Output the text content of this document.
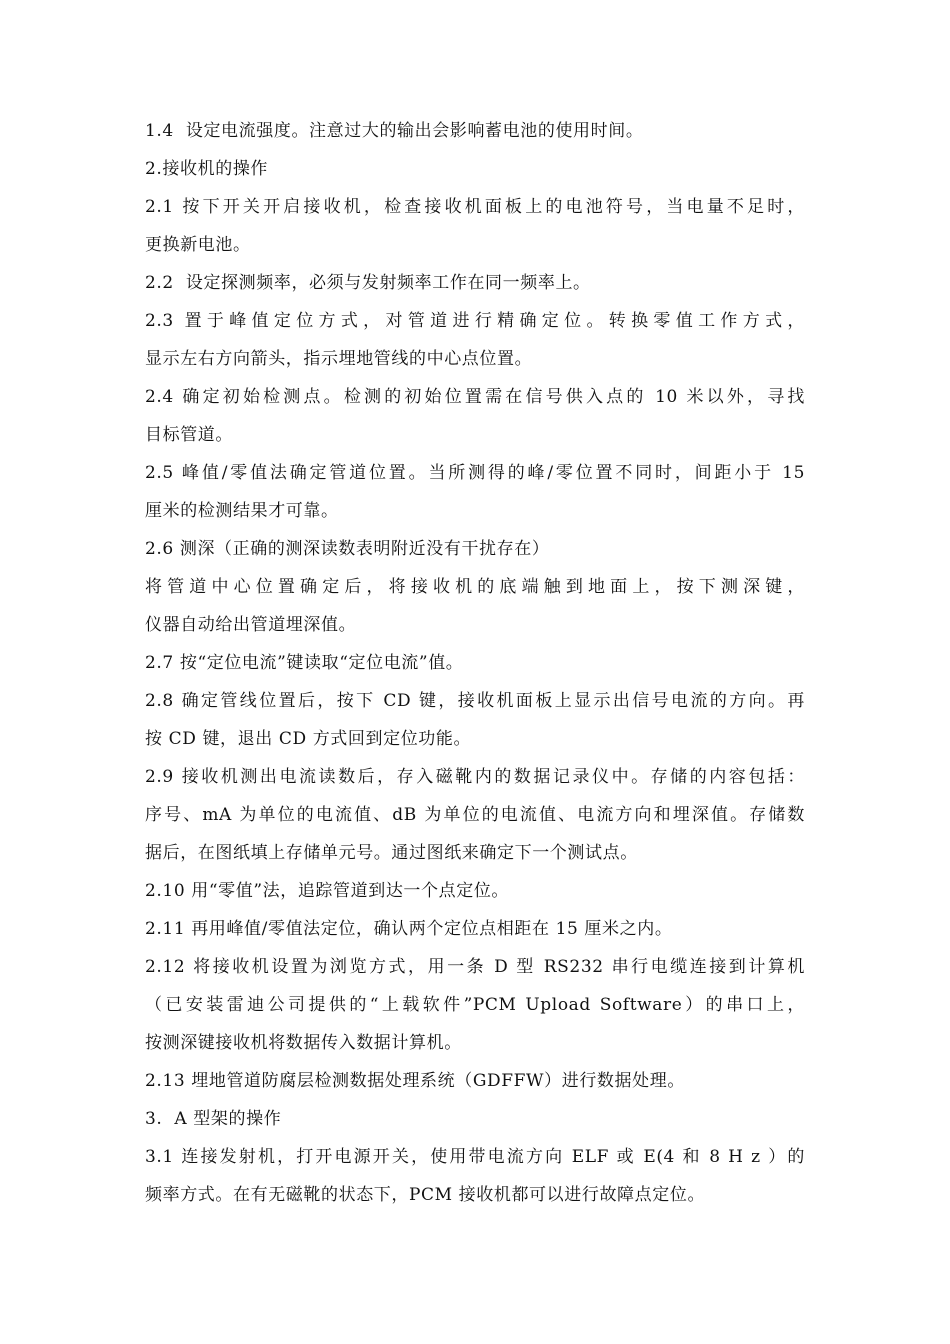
1.4  设定电流强度。注意过大的输出会影响蓄电池的使用时间。
2.接收机的操作
2.1 按下开关开启接收机，检查接收机面板上的电池符号，当电量不足时，
更换新电池。
2.2  设定探测频率，必须与发射频率工作在同一频率上。
2.3 置于峰值定位方式，对管道进行精确定位。转换零值工作方式，
显示左右方向箭头，指示埋地管线的中心点位置。
2.4 确定初始检测点。检测的初始位置需在信号供入点的 10 米以外，寻找
目标管道。
2.5 峰值/零值法确定管道位置。当所测得的峰/零位置不同时，间距小于 15
厘米的检测结果才可靠。
2.6 测深（正确的测深读数表明附近没有干扰存在）
将管道中心位置确定后，将接收机的底端触到地面上，按下测深键，
仪器自动给出管道埋深值。
2.7 按“定位电流”键读取“定位电流”值。
2.8 确定管线位置后，按下 CD 键，接收机面板上显示出信号电流的方向。再
按 CD 键，退出 CD 方式回到定位功能。
2.9 接收机测出电流读数后，存入磁靴内的数据记录仪中。存储的内容包括：
序号、mA 为单位的电流值、dB 为单位的电流值、电流方向和埋深值。存储数
据后，在图纸填上存储单元号。通过图纸来确定下一个测试点。
2.10 用“零值”法，追踪管道到达一个点定位。
2.11 再用峰值/零值法定位，确认两个定位点相距在 15 厘米之内。
2.12 将接收机设置为浏览方式，用一条 D 型 RS232 串行电缆连接到计算机
（已安装雷迪公司提供的“上载软件”PCM Upload Software）的串口上，
按测深键接收机将数据传入数据计算机。
2.13 埋地管道防腐层检测数据处理系统（GDFFW）进行数据处理。
3.  A 型架的操作
3.1 连接发射机，打开电源开关，使用带电流方向 ELF 或 E(4 和 8 H z ）的
频率方式。在有无磁靴的状态下，PCM 接收机都可以进行故障点定位。
